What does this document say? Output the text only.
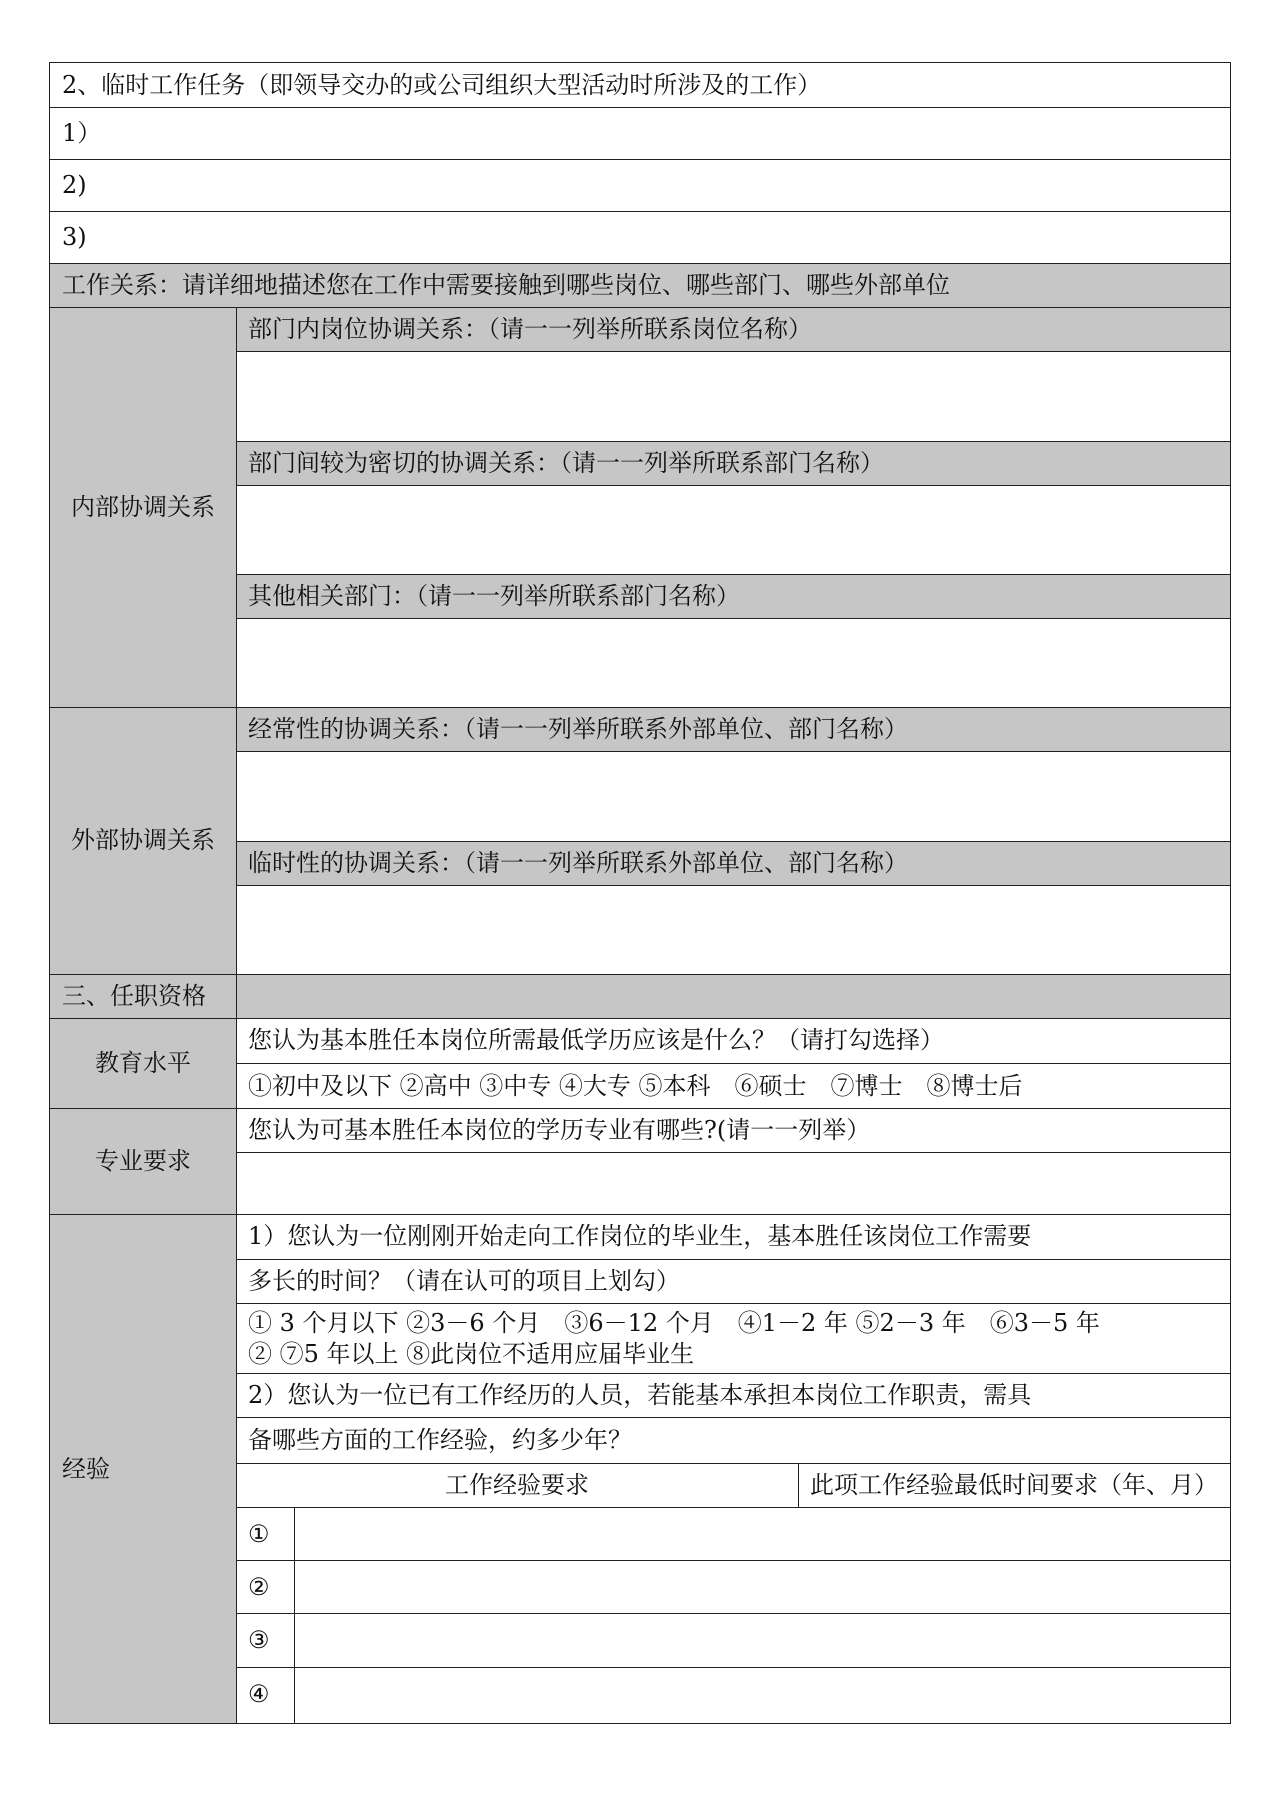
2、临时工作任务（即领导交办的或公司组织大型活动时所涉及的工作）
1）
2)
3)
工作关系：请详细地描述您在工作中需要接触到哪些岗位、哪些部门、哪些外部单位
内部协调关系
部门内岗位协调关系：（请一一列举所联系岗位名称）
部门间较为密切的协调关系：（请一一列举所联系部门名称）
其他相关部门：（请一一列举所联系部门名称）
外部协调关系
经常性的协调关系：（请一一列举所联系外部单位、部门名称）
临时性的协调关系：（请一一列举所联系外部单位、部门名称）
三、任职资格
教育水平
您认为基本胜任本岗位所需最低学历应该是什么？（请打勾选择）
①初中及以下 ②高中 ③中专 ④大专 ⑤本科　⑥硕士　⑦博士　⑧博士后
专业要求
您认为可基本胜任本岗位的学历专业有哪些?(请一一列举）
经验
1）您认为一位刚刚开始走向工作岗位的毕业生，基本胜任该岗位工作需要
多长的时间？（请在认可的项目上划勾）
① 3 个月以下 ②3－6 个月　③6－12 个月　④1－2 年 ⑤2－3 年　⑥3－5 年
② ⑦5 年以上 ⑧此岗位不适用应届毕业生
2）您认为一位已有工作经历的人员，若能基本承担本岗位工作职责，需具
备哪些方面的工作经验，约多少年？
工作经验要求	此项工作经验最低时间要求（年、月）
①
②
③
④
